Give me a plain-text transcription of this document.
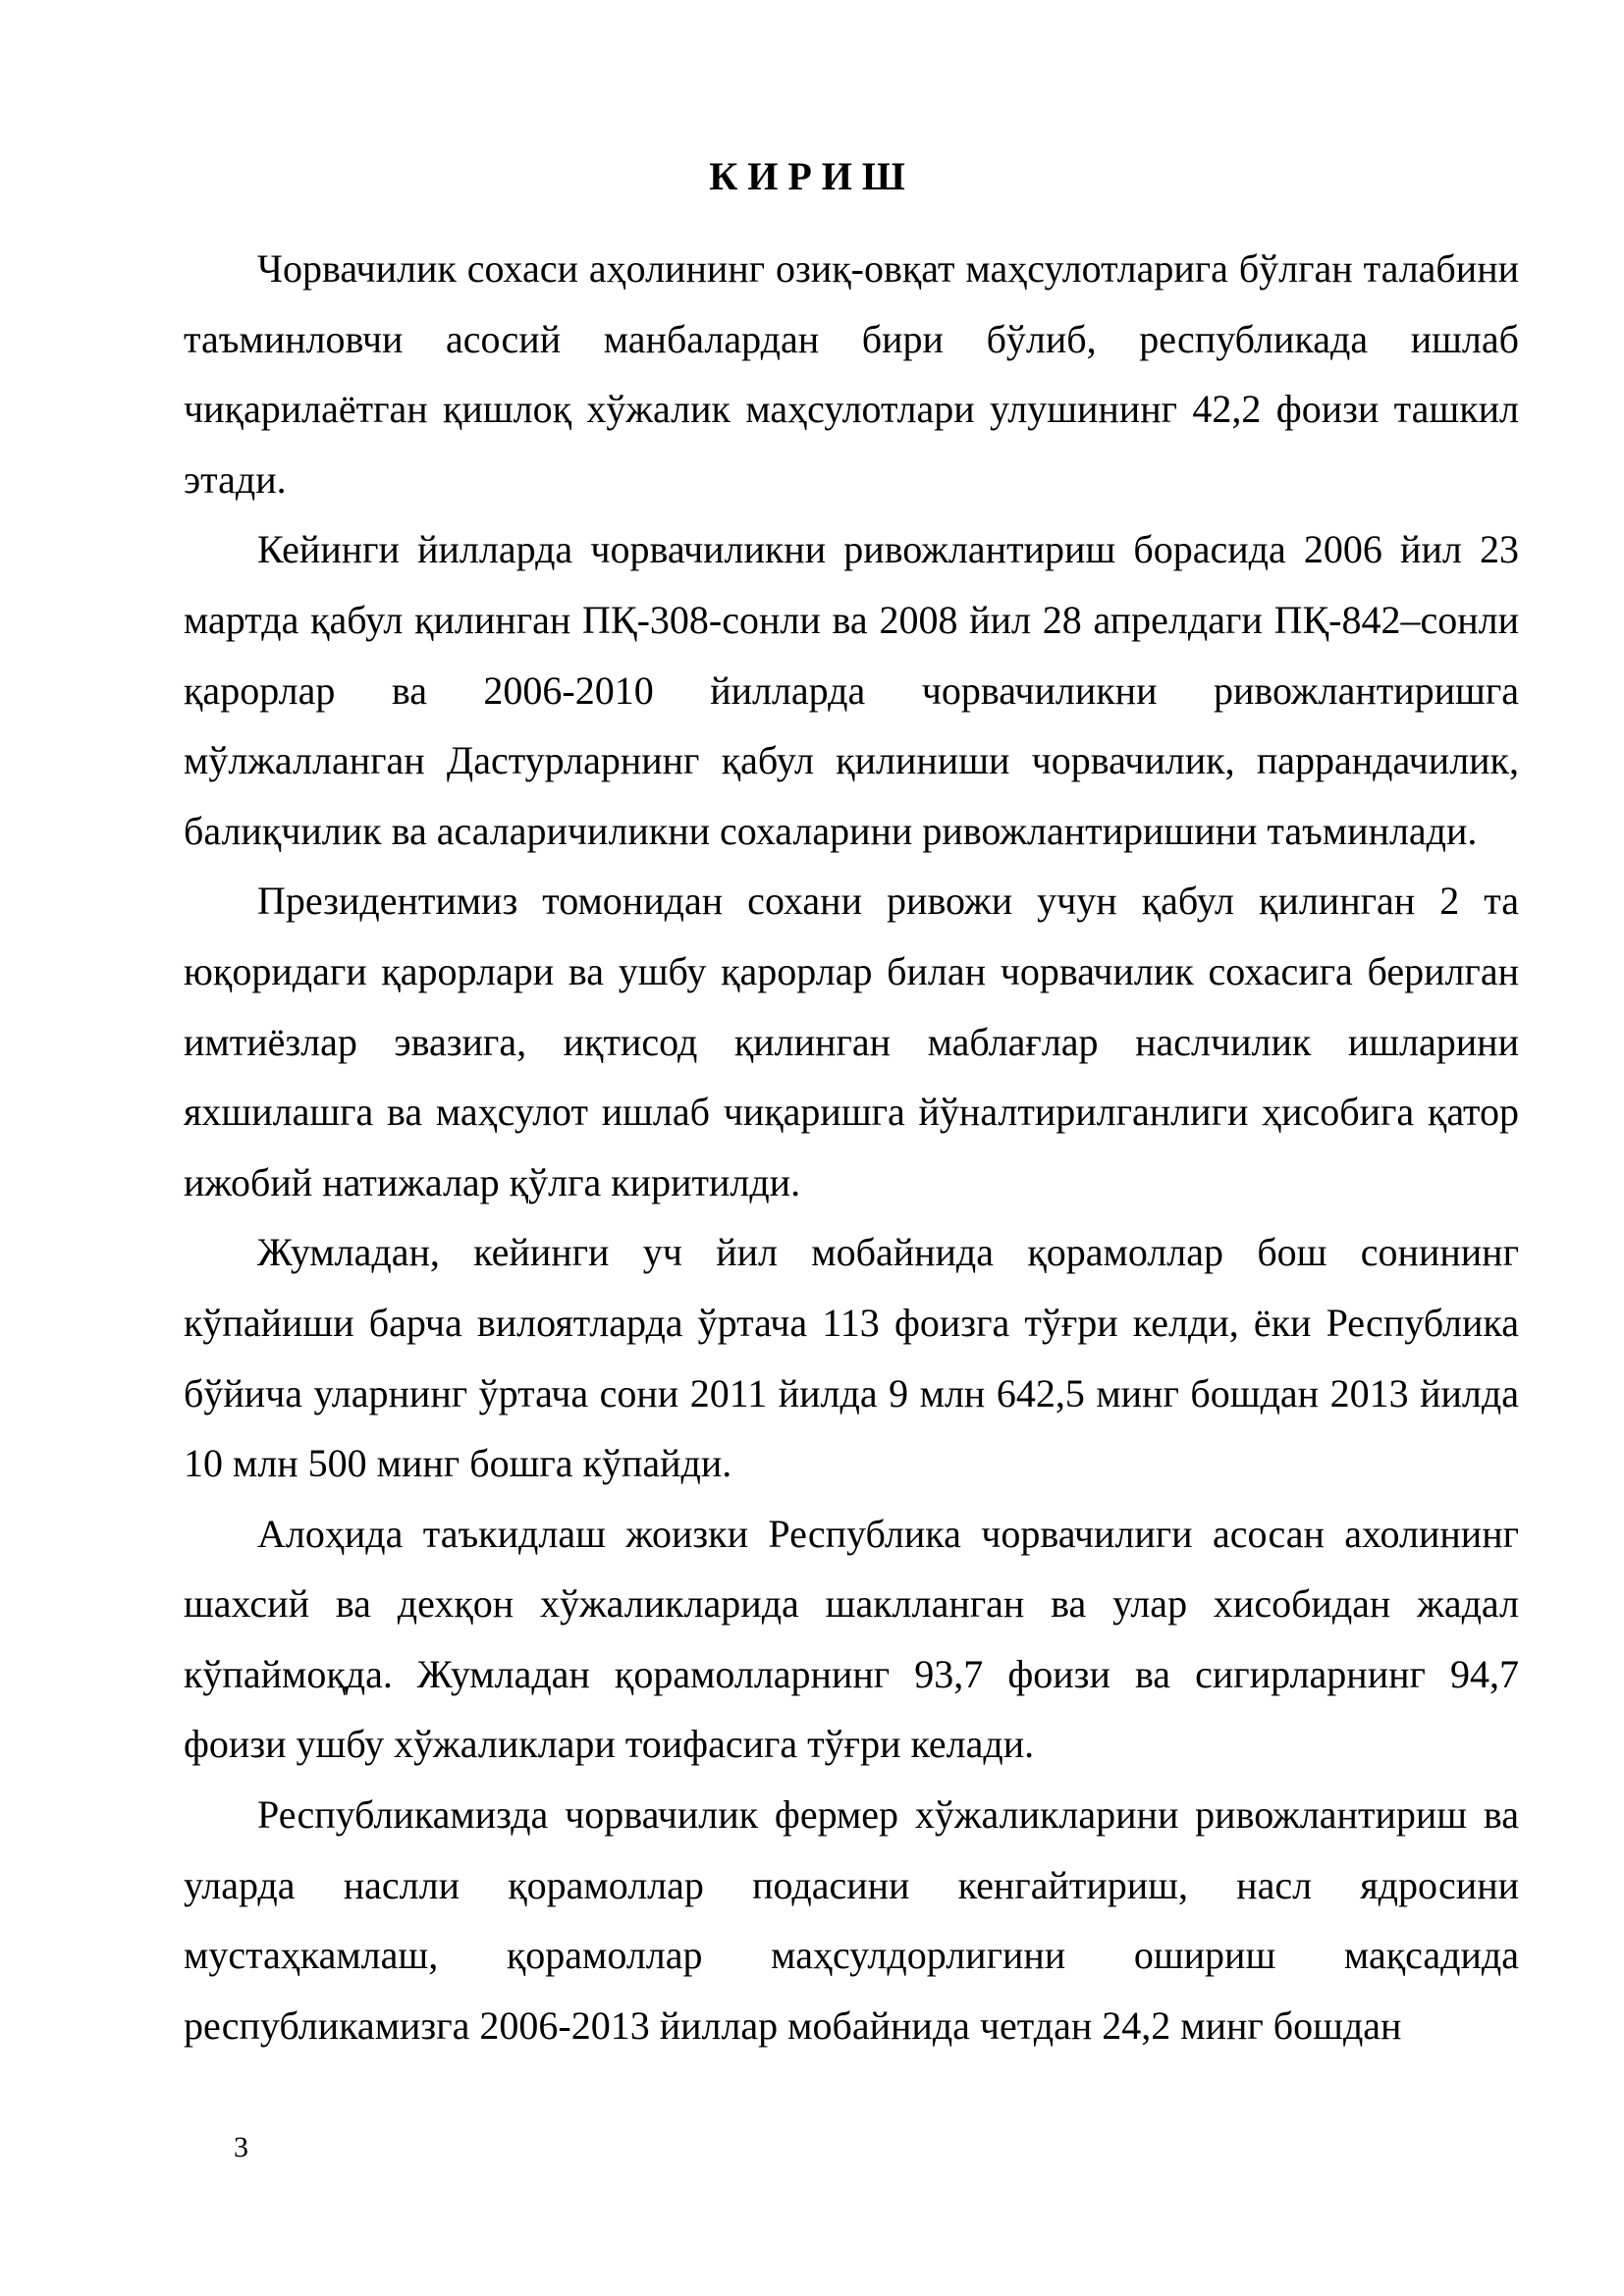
КИРИШ

Чорвачилик сохаси аҳолининг озиқ-овқат маҳсулотларига бўлган талабини таъминловчи асосий манбалардан бири бўлиб, республикада ишлаб чиқарилаётган қишлоқ хўжалик маҳсулотлари улушининг 42,2 фоизи ташкил этади.

Кейинги йилларда чорвачиликни ривожлантириш борасида 2006 йил 23 мартда қабул қилинган ПҚ-308-сонли ва 2008 йил 28 апрелдаги ПҚ-842–сонли қарорлар ва 2006-2010 йилларда чорвачиликни ривожлантиришга мўлжалланган Дастурларнинг қабул қилиниши чорвачилик, паррандачилик, балиқчилик ва асаларичиликни сохаларини ривожлантиришини таъминлади.

Президентимиз томонидан сохани ривожи учун қабул қилинган 2 та юқоридаги қарорлари ва ушбу қарорлар билан чорвачилик сохасига берилган имтиёзлар эвазига, иқтисод қилинган маблағлар наслчилик ишларини яхшилашга ва маҳсулот ишлаб чиқаришга йўналтирилганлиги ҳисобига қатор ижобий натижалар қўлга киритилди.

Жумладан, кейинги уч йил мобайнида қорамоллар бош сонининг кўпайиши барча вилоятларда ўртача 113 фоизга тўғри келди, ёки Республика бўйича уларнинг ўртача сони 2011 йилда 9 млн 642,5 минг бошдан 2013 йилда 10 млн 500 минг бошга кўпайди.

Алоҳида таъкидлаш жоизки Республика чорвачилиги асосан ахолининг шахсий ва дехқон хўжаликларида шаклланган ва улар хисобидан жадал кўпаймоқда. Жумладан қорамолларнинг 93,7 фоизи ва сигирларнинг 94,7 фоизи ушбу хўжаликлари тоифасига тўғри келади.

Республикамизда чорвачилик фермер хўжаликларини ривожлантириш ва уларда наслли қорамоллар подасини кенгайтириш, насл ядросини мустаҳкамлаш, қорамоллар маҳсулдорлигини ошириш мақсадида республикамизга 2006-2013 йиллар мобайнида четдан 24,2 минг бошдан

3
